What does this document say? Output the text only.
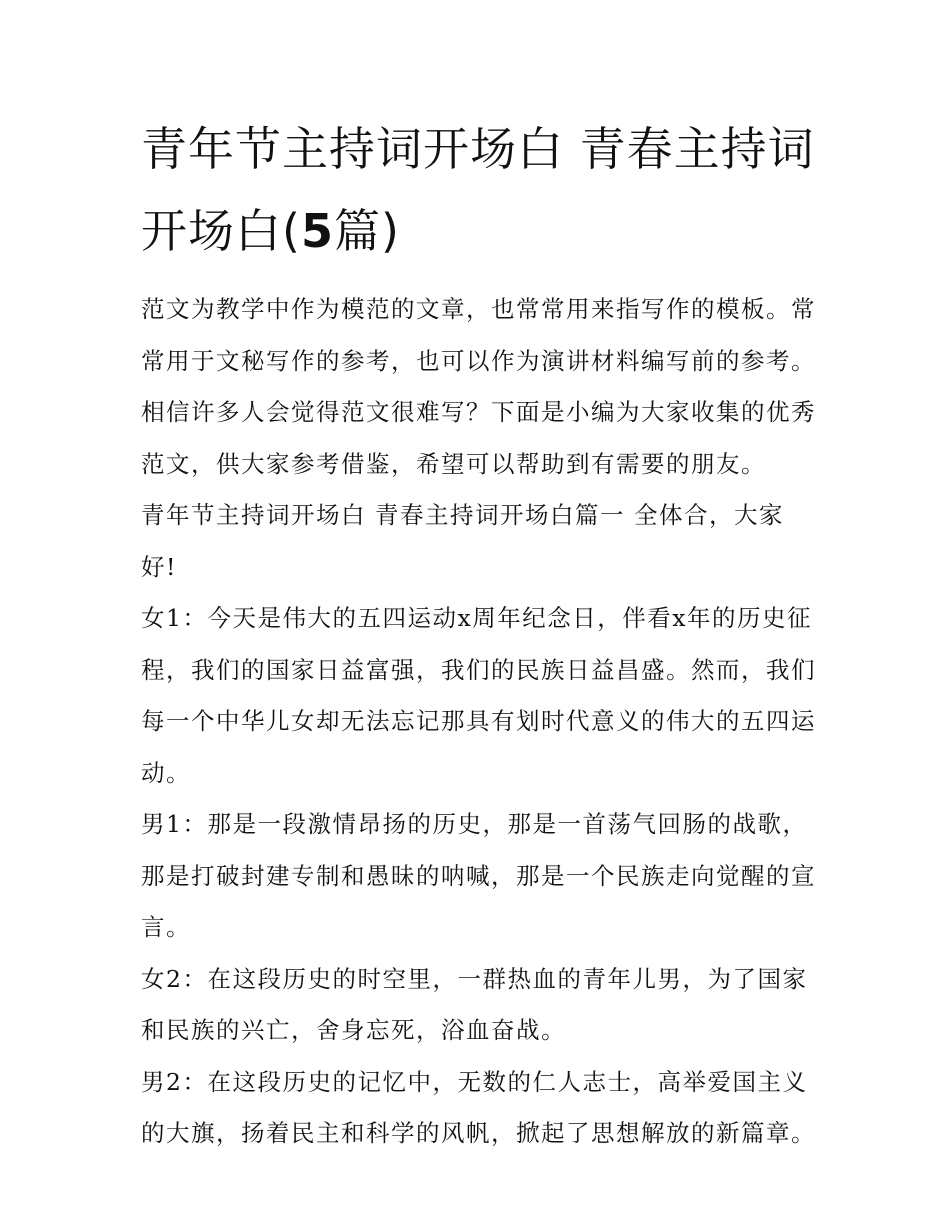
青年节主持词开场白 青春主持词开场白(5篇)

范文为教学中作为模范的文章，也常常用来指写作的模板。常常用于文秘写作的参考，也可以作为演讲材料编写前的参考。相信许多人会觉得范文很难写？下面是小编为大家收集的优秀范文，供大家参考借鉴，希望可以帮助到有需要的朋友。

青年节主持词开场白 青春主持词开场白篇一 全体合，大家好!

女1：今天是伟大的五四运动x周年纪念日，伴看x年的历史征程，我们的国家日益富强，我们的民族日益昌盛。然而，我们每一个中华儿女却无法忘记那具有划时代意义的伟大的五四运动。

男1：那是一段激情昂扬的历史，那是一首荡气回肠的战歌，那是打破封建专制和愚昧的呐喊，那是一个民族走向觉醒的宣言。

女2：在这段历史的时空里，一群热血的青年儿男，为了国家和民族的兴亡，舍身忘死，浴血奋战。

男2：在这段历史的记忆中，无数的仁人志士，高举爱国主义的大旗，扬着民主和科学的风帆，掀起了思想解放的新篇章。
